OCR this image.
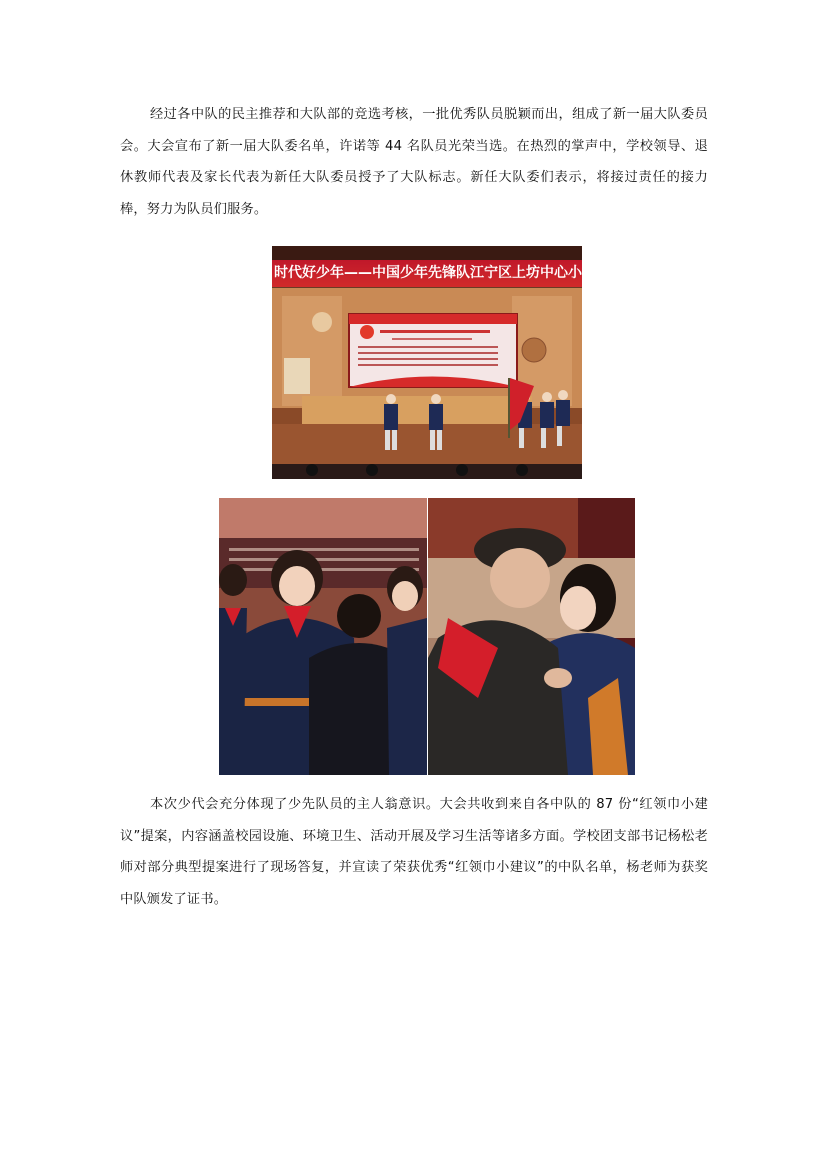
经过各中队的民主推荐和大队部的竞选考核，一批优秀队员脱颖而出，组成了新一届大队委员会。大会宣布了新一届大队委名单，许诺等 44 名队员光荣当选。在热烈的掌声中，学校领导、退休教师代表及家长代表为新任大队委员授予了大队标志。新任大队委们表示，将接过责任的接力棒，努力为队员们服务。

时代好少年——中国少年先锋队江宁区上坊中心小

本次少代会充分体现了少先队员的主人翁意识。大会共收到来自各中队的 87 份“红领巾小建议”提案，内容涵盖校园设施、环境卫生、活动开展及学习生活等诸多方面。学校团支部书记杨松老师对部分典型提案进行了现场答复，并宣读了荣获优秀“红领巾小建议”的中队名单，杨老师为获奖中队颁发了证书。
